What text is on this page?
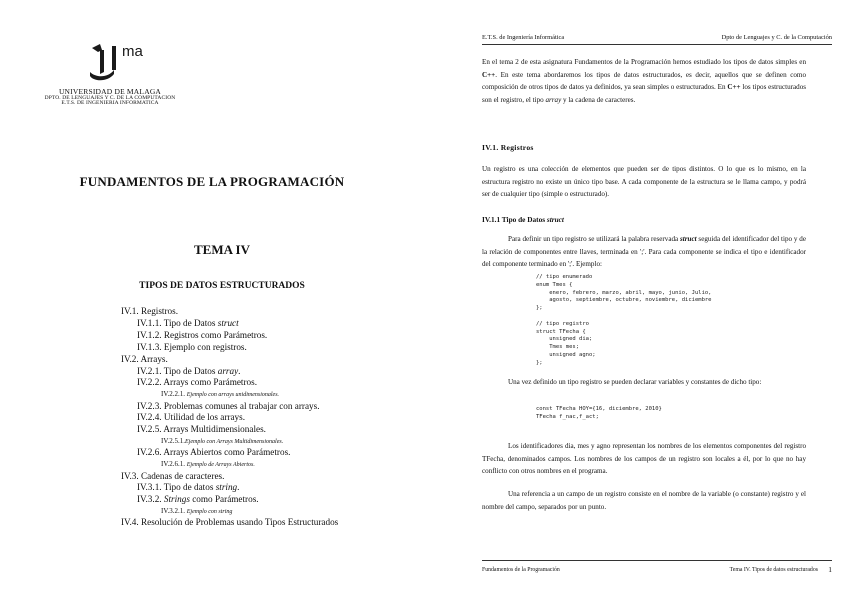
ma
UNIVERSIDAD DE MALAGA
DPTO. DE LENGUAJES Y C. DE LA COMPUTACION
E.T.S. DE INGENIERIA INFORMATICA
FUNDAMENTOS DE LA PROGRAMACIÓN
TEMA IV
TIPOS DE DATOS ESTRUCTURADOS
IV.1. Registros.
IV.1.1. Tipo de Datos struct
IV.1.2. Registros como Parámetros.
IV.1.3. Ejemplo con registros.
IV.2. Arrays.
IV.2.1. Tipo de Datos array.
IV.2.2. Arrays como Parámetros.
IV.2.2.1. Ejemplo con arrays unidimensionales.
IV.2.3. Problemas comunes al trabajar con arrays.
IV.2.4. Utilidad de los arrays.
IV.2.5. Arrays Multidimensionales.
IV.2.5.1.Ejemplo con Arrays Multidimensionales.
IV.2.6. Arrays Abiertos como Parámetros.
IV.2.6.1. Ejemplo de Arrays Abiertos.
IV.3. Cadenas de caracteres.
IV.3.1. Tipo de datos string.
IV.3.2. Strings como Parámetros.
IV.3.2.1. Ejemplo con string
IV.4. Resolución de Problemas usando Tipos Estructurados
E.T.S. de Ingeniería Informática	Dpto de Lenguajes y C. de la Computación
En el tema 2 de esta asignatura Fundamentos de la Programación hemos estudiado los tipos de datos simples en C++. En este tema abordaremos los tipos de datos estructurados, es decir, aquellos que se definen como composición de otros tipos de datos ya definidos, ya sean simples o estructurados. En C++ los tipos estructurados son el registro, el tipo array y la cadena de caracteres.
IV.1. Registros
Un registro es una colección de elementos que pueden ser de tipos distintos. O lo que es lo mismo, en la estructura registro no existe un único tipo base. A cada componente de la estructura se le llama campo, y podrá ser de cualquier tipo (simple o estructurado).
IV.1.1 Tipo de Datos struct
Para definir un tipo registro se utilizará la palabra reservada struct seguida del identificador del tipo y de la relación de componentes entre llaves, terminada en ';'. Para cada componente se indica el tipo e identificador del componente terminado en ';'. Ejemplo:
// tipo enumerado
enum Tmes {
enero, febrero, marzo, abril, mayo, junio, Julio,
agosto, septiembre, octubre, noviembre, diciembre
};

// tipo registro
struct TFecha {
unsigned dia;
Tmes mes;
unsigned agno;
};
Una vez definido un tipo registro se pueden declarar variables y constantes de dicho tipo:
const TFecha HOY={16, diciembre, 2010}
TFecha f_nac,f_act;
Los identificadores dia, mes y agno representan los nombres de los elementos componentes del registro TFecha, denominados campos. Los nombres de los campos de un registro son locales a él, por lo que no hay conflicto con otros nombres en el programa.
Una referencia a un campo de un registro consiste en el nombre de la variable (o constante) registro y el nombre del campo, separados por un punto.
Fundamentos de la Programación	Tema IV. Tipos de datos estructurados 1
